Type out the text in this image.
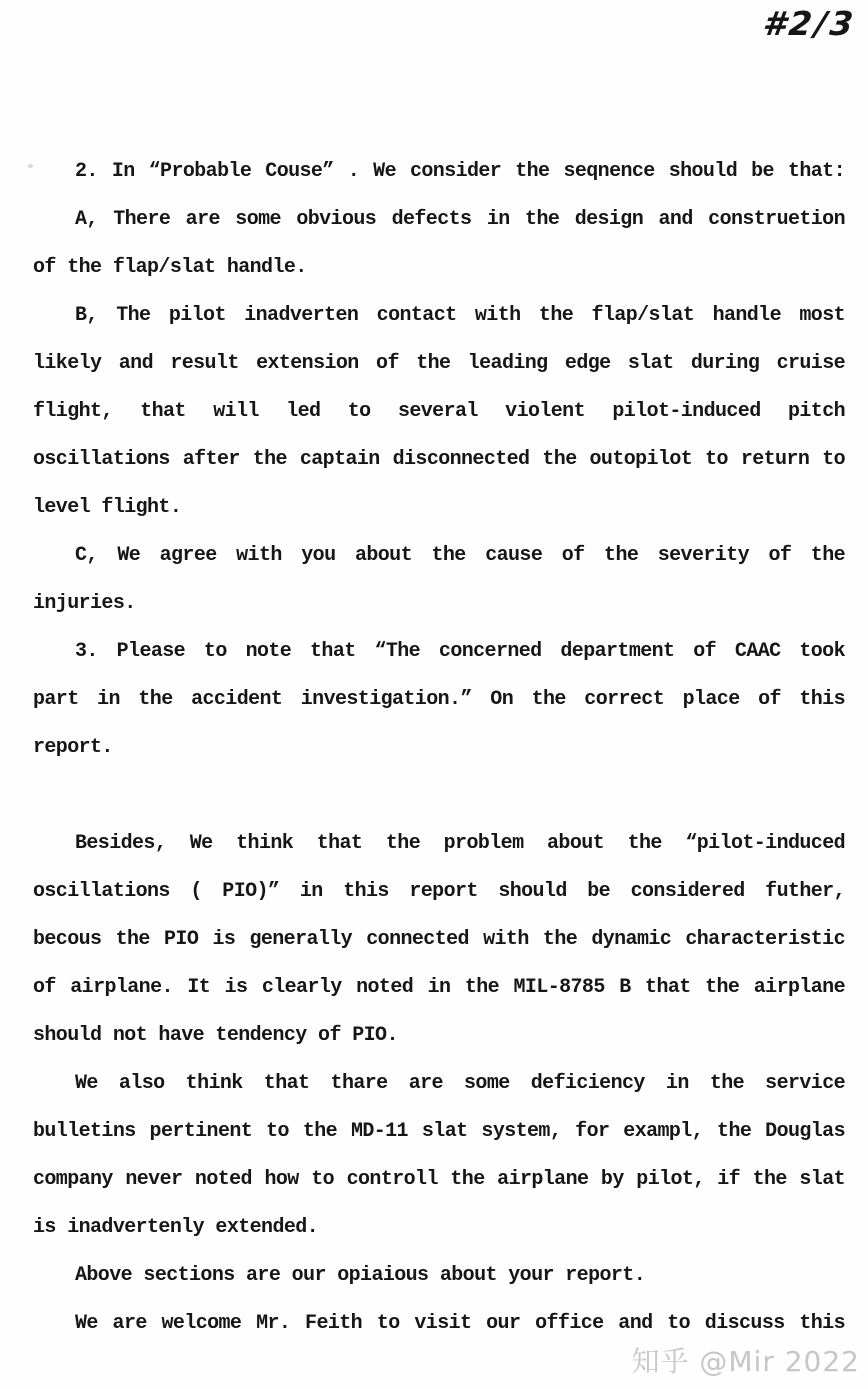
#2/3
2. In “Probable Couse” . We consider the seqnence should be that:
A, There are some obvious defects in the design and construetion
of the flap/slat handle.
B, The pilot inadverten contact with the flap/slat handle most
likely and result extension of the leading edge slat during cruise
flight, that will led to several violent pilot-induced pitch
oscillations after the captain disconnected the outopilot to return to
level flight.
C, We agree with you about the cause of the severity of the
injuries.
3. Please to note that “The concerned department of CAAC took
part in the accident investigation.” On the correct place of this
report.
Besides, We think that the problem about the “pilot-induced
oscillations ( PIO)” in this report should be considered futher,
becous the PIO is generally connected with the dynamic characteristic
of airplane. It is clearly noted in the MIL-8785 B that the airplane
should not have tendency of PIO.
We also think that thare are some deficiency in the service
bulletins pertinent to the MD-11 slat system, for exampl, the Douglas
company never noted how to controll the airplane by pilot, if the slat
is inadvertenly extended.
Above sections are our opiaious about your report.
We are welcome Mr. Feith to visit our office and to discuss this
知乎 @Mir 2022
